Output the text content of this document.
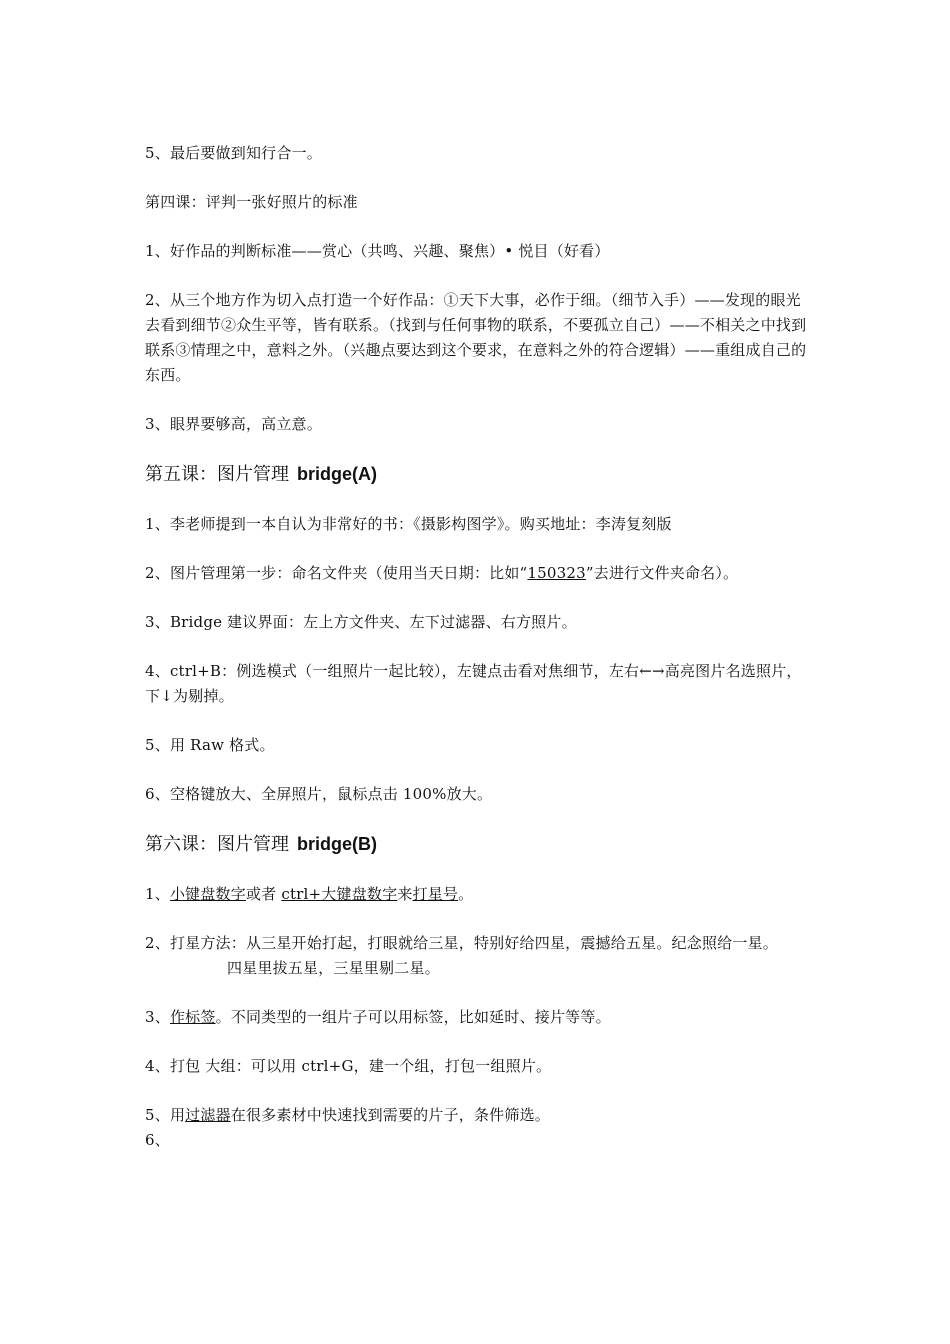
5、最后要做到知行合一。

第四课：评判一张好照片的标准

1、好作品的判断标准——赏心（共鸣、兴趣、聚焦）• 悦目（好看）

2、从三个地方作为切入点打造一个好作品：①天下大事，必作于细。（细节入手）——发现的眼光去看到细节②众生平等，皆有联系。（找到与任何事物的联系，不要孤立自己）——不相关之中找到联系③情理之中，意料之外。（兴趣点要达到这个要求，在意料之外的符合逻辑）——重组成自己的东西。

3、眼界要够高，高立意。

第五课：图片管理 bridge(A)

1、李老师提到一本自认为非常好的书：《摄影构图学》。购买地址：李涛复刻版

2、图片管理第一步：命名文件夹（使用当天日期：比如“150323”去进行文件夹命名）。

3、Bridge 建议界面：左上方文件夹、左下过滤器、右方照片。

4、ctrl+B：例选模式（一组照片一起比较），左键点击看对焦细节，左右←→高亮图片名选照片，下↓为剔掉。

5、用 Raw 格式。

6、空格键放大、全屏照片，鼠标点击 100%放大。

第六课：图片管理 bridge(B)

1、小键盘数字或者 ctrl+大键盘数字来打星号。

2、打星方法：从三星开始打起，打眼就给三星，特别好给四星，震撼给五星。纪念照给一星。四星里拔五星，三星里剔二星。

3、作标签。不同类型的一组片子可以用标签，比如延时、接片等等。

4、打包 大组：可以用 ctrl+G，建一个组，打包一组照片。

5、用过滤器在很多素材中快速找到需要的片子，条件筛选。

6、
